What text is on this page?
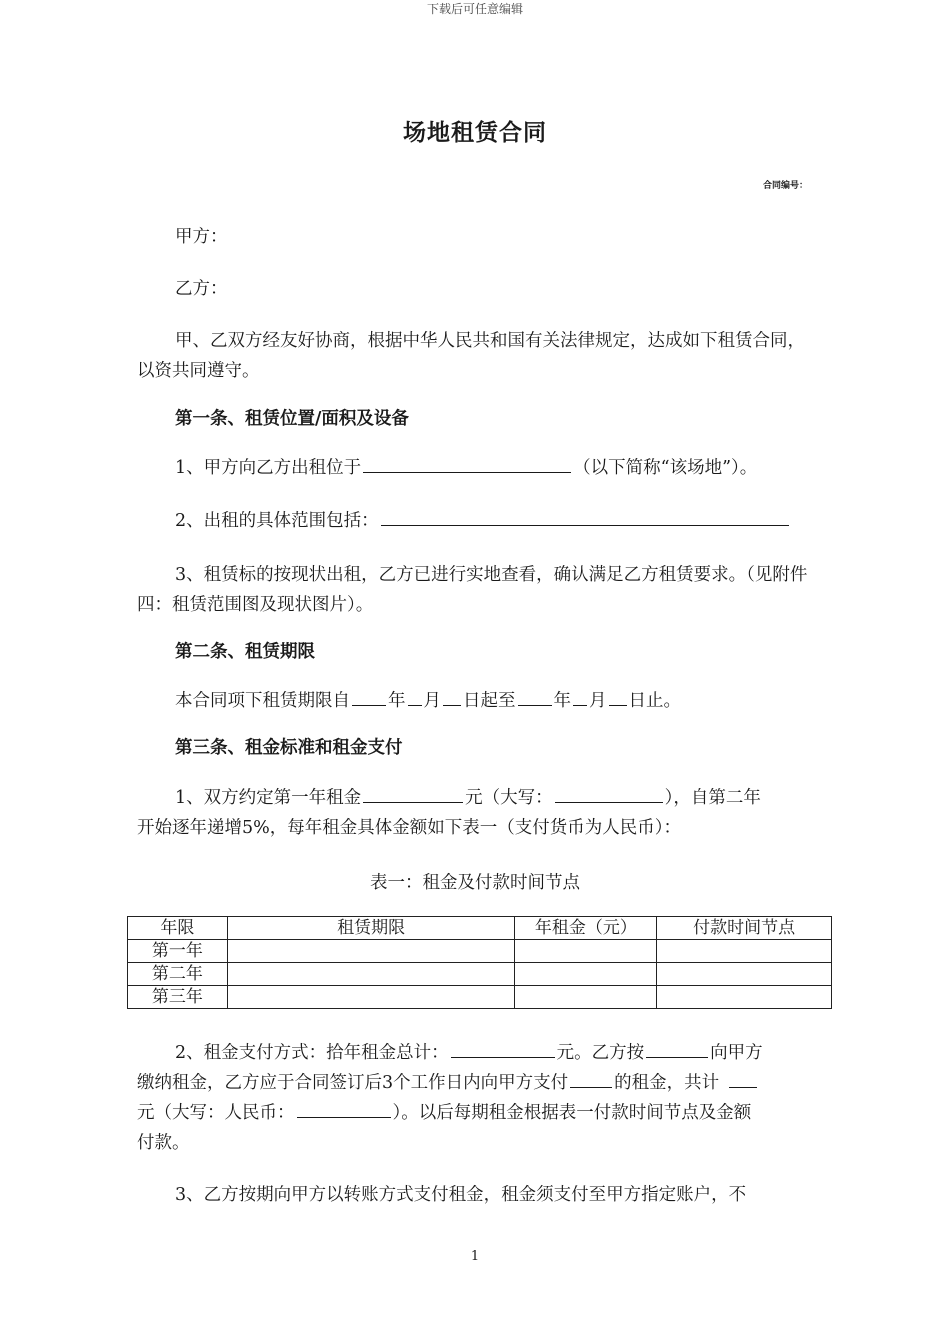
下载后可任意编辑
场地租赁合同
合同编号：
甲方：
乙方：
甲、乙双方经友好协商，根据中华人民共和国有关法律规定，达成如下租赁合同，以资共同遵守。
第一条、租赁位置/面积及设备
1、甲方向乙方出租位于	（以下简称“该场地”）。
2、出租的具体范围包括：
3、租赁标的按现状出租，乙方已进行实地查看，确认满足乙方租赁要求。（见附件四：租赁范围图及现状图片）。
第二条、租赁期限
本合同项下租赁期限自 年 月 日起至 年 月 日止。
第三条、租金标准和租金支付
1、双方约定第一年租金	元（大写：	），自第二年
开始逐年递增5%，每年租金具体金额如下表一（支付货币为人民币）：
表一：租金及付款时间节点
年限	租赁期限	年租金（元）	付款时间节点
第一年			
第二年			
第三年			
2、租金支付方式：拾年租金总计：	元。乙方按	向甲方
缴纳租金，乙方应于合同签订后3个工作日内向甲方支付	的租金，共计
元（大写：人民币：	）。以后每期租金根据表一付款时间节点及金额
付款。
3、乙方按期向甲方以转账方式支付租金，租金须支付至甲方指定账户，不
1
